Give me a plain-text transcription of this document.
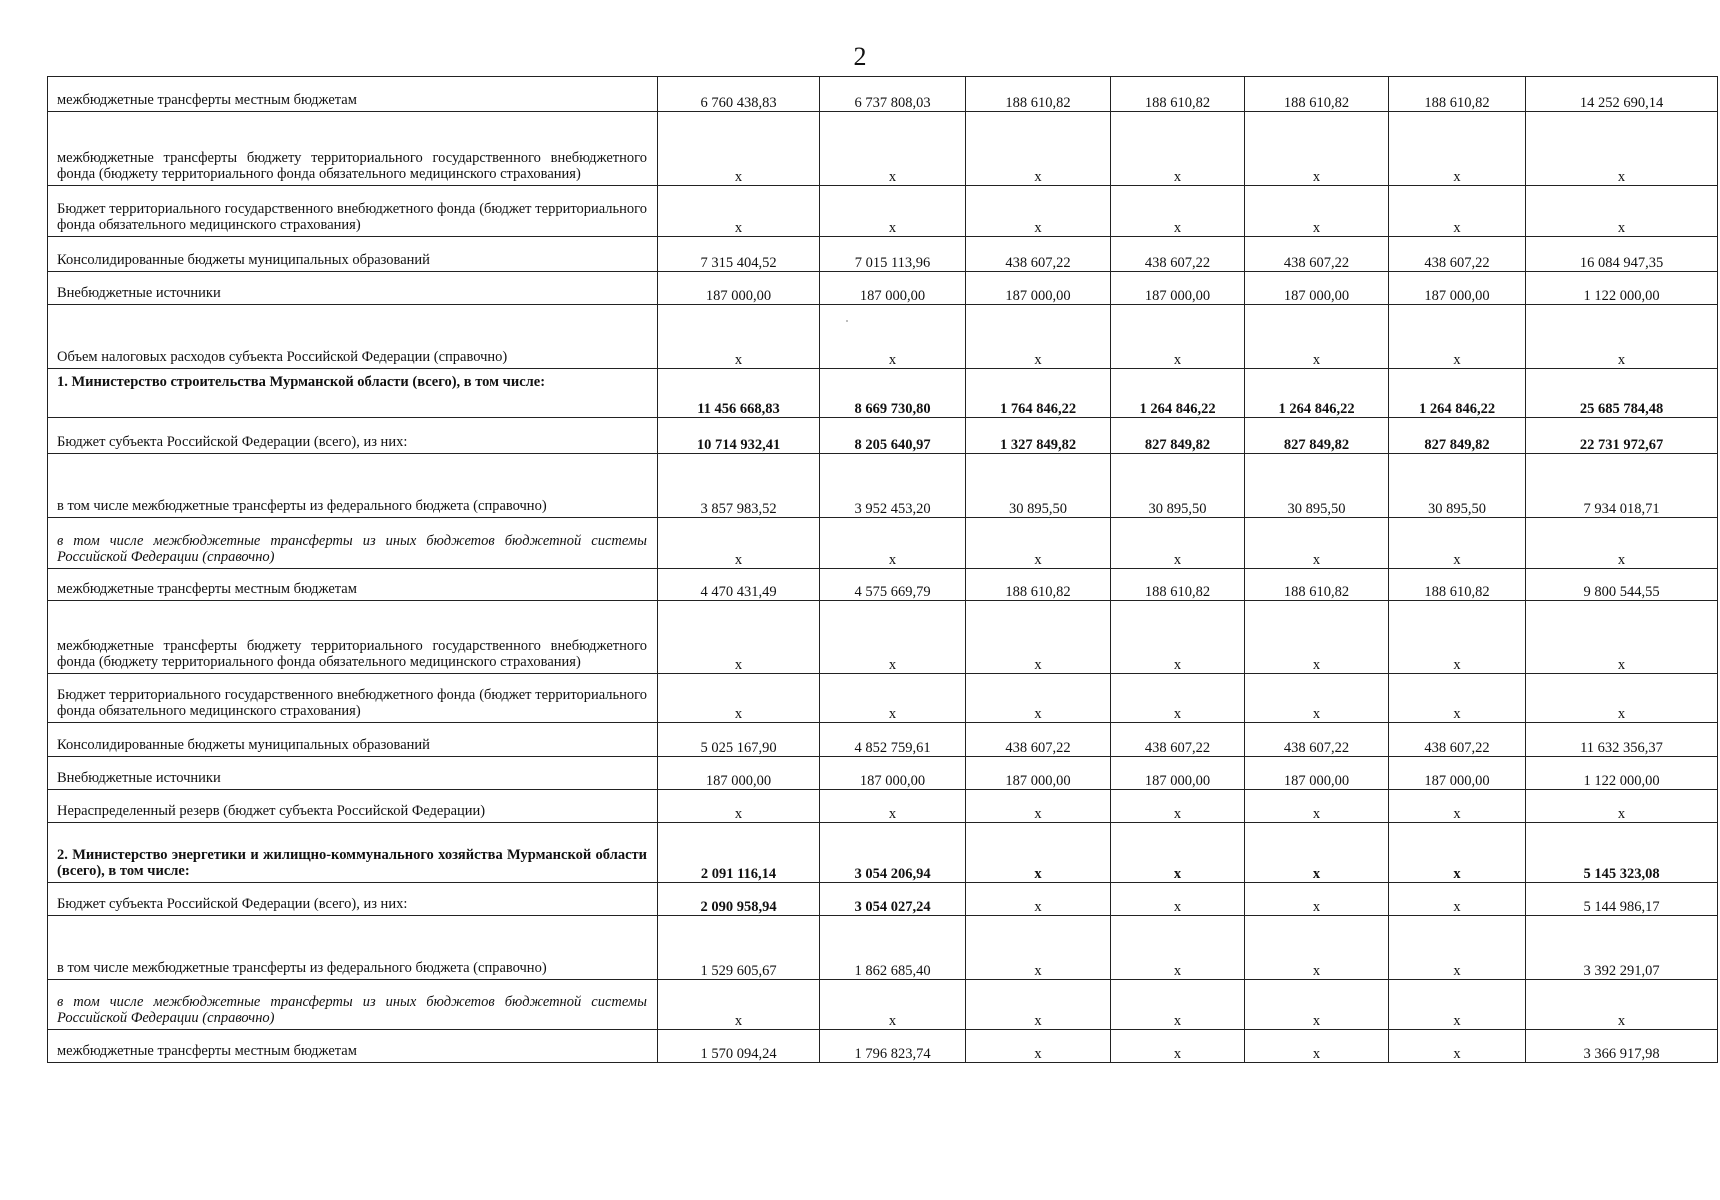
2
межбюджетные трансферты местным бюджетам	6 760 438,83	6 737 808,03	188 610,82	188 610,82	188 610,82	188 610,82	14 252 690,14
межбюджетные трансферты бюджету территориального государственного внебюджетного фонда (бюджету территориального фонда обязательного медицинского страхования)	x	x	x	x	x	x	x
Бюджет территориального государственного внебюджетного фонда (бюджет территориального фонда обязательного медицинского страхования)	x	x	x	x	x	x	x
Консолидированные бюджеты муниципальных образований	7 315 404,52	7 015 113,96	438 607,22	438 607,22	438 607,22	438 607,22	16 084 947,35
Внебюджетные источники	187 000,00	187 000,00	187 000,00	187 000,00	187 000,00	187 000,00	1 122 000,00
Объем налоговых расходов субъекта Российской Федерации (справочно)	x	x	x	x	x	x	x
1. Министерство строительства Мурманской области (всего), в том числе:	11 456 668,83	8 669 730,80	1 764 846,22	1 264 846,22	1 264 846,22	1 264 846,22	25 685 784,48
Бюджет субъекта Российской Федерации (всего), из них:	10 714 932,41	8 205 640,97	1 327 849,82	827 849,82	827 849,82	827 849,82	22 731 972,67
в том числе межбюджетные трансферты из федерального бюджета (справочно)	3 857 983,52	3 952 453,20	30 895,50	30 895,50	30 895,50	30 895,50	7 934 018,71
в том числе межбюджетные трансферты из иных бюджетов бюджетной системы Российской Федерации (справочно)	x	x	x	x	x	x	x
межбюджетные трансферты местным бюджетам	4 470 431,49	4 575 669,79	188 610,82	188 610,82	188 610,82	188 610,82	9 800 544,55
межбюджетные трансферты бюджету территориального государственного внебюджетного фонда (бюджету территориального фонда обязательного медицинского страхования)	x	x	x	x	x	x	x
Бюджет территориального государственного внебюджетного фонда (бюджет территориального фонда обязательного медицинского страхования)	x	x	x	x	x	x	x
Консолидированные бюджеты муниципальных образований	5 025 167,90	4 852 759,61	438 607,22	438 607,22	438 607,22	438 607,22	11 632 356,37
Внебюджетные источники	187 000,00	187 000,00	187 000,00	187 000,00	187 000,00	187 000,00	1 122 000,00
Нераспределенный резерв (бюджет субъекта Российской Федерации)	x	x	x	x	x	x	x
2. Министерство энергетики и жилищно-коммунального хозяйства Мурманской области (всего), в том числе:	2 091 116,14	3 054 206,94	x	x	x	x	5 145 323,08
Бюджет субъекта Российской Федерации (всего), из них:	2 090 958,94	3 054 027,24	x	x	x	x	5 144 986,17
в том числе межбюджетные трансферты из федерального бюджета (справочно)	1 529 605,67	1 862 685,40	x	x	x	x	3 392 291,07
в том числе межбюджетные трансферты из иных бюджетов бюджетной системы Российской Федерации (справочно)	x	x	x	x	x	x	x
межбюджетные трансферты местным бюджетам	1 570 094,24	1 796 823,74	x	x	x	x	3 366 917,98
